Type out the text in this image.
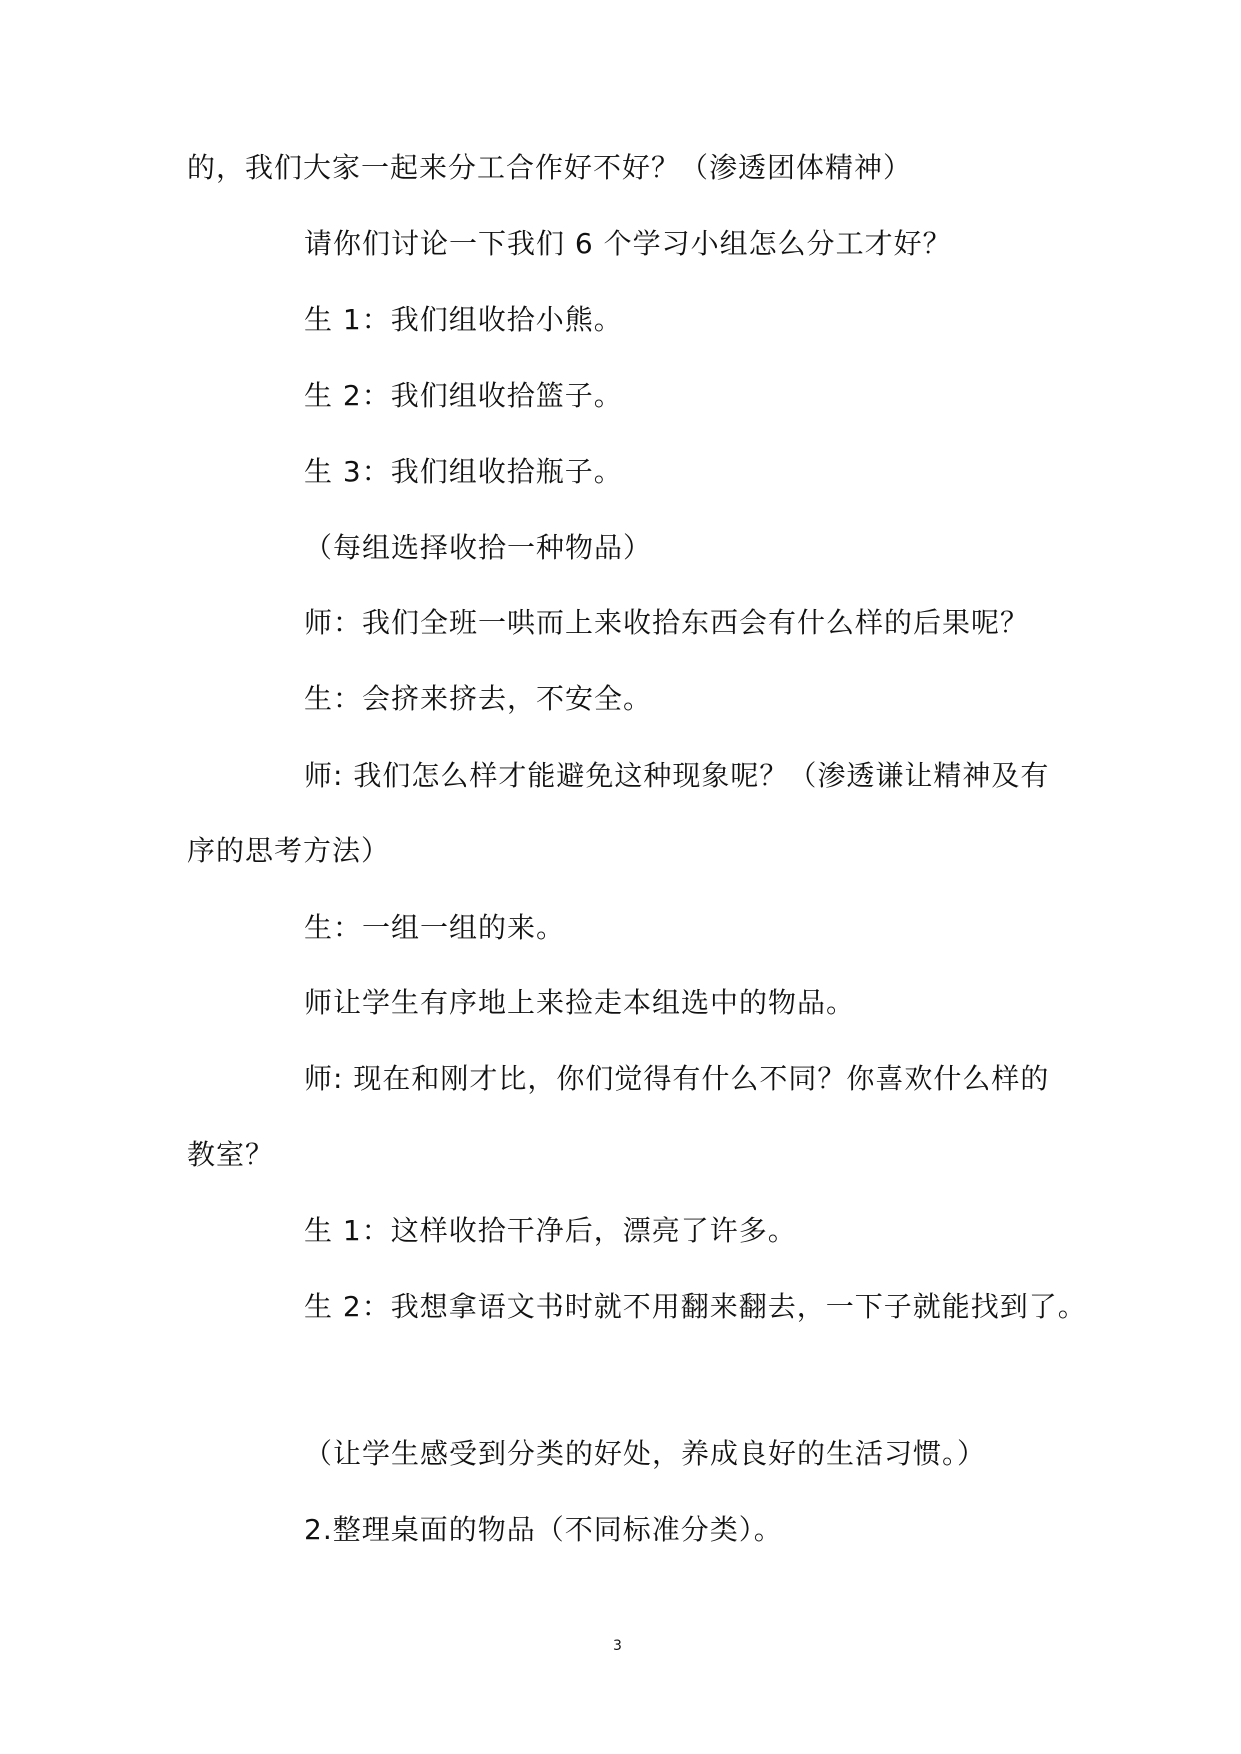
的，我们大家一起来分工合作好不好？（渗透团体精神）
请你们讨论一下我们 6 个学习小组怎么分工才好？
生 1：我们组收拾小熊。
生 2：我们组收拾篮子。
生 3：我们组收拾瓶子。
（每组选择收拾一种物品）
师：我们全班一哄而上来收拾东西会有什么样的后果呢？
生：会挤来挤去，不安全。
师: 我们怎么样才能避免这种现象呢？（渗透谦让精神及有
序的思考方法）
生：一组一组的来。
师让学生有序地上来捡走本组选中的物品。
师: 现在和刚才比，你们觉得有什么不同？你喜欢什么样的
教室？
生 1：这样收拾干净后，漂亮了许多。
生 2：我想拿语文书时就不用翻来翻去，一下子就能找到了。
（让学生感受到分类的好处，养成良好的生活习惯。）
2.整理桌面的物品（不同标准分类）。
3
